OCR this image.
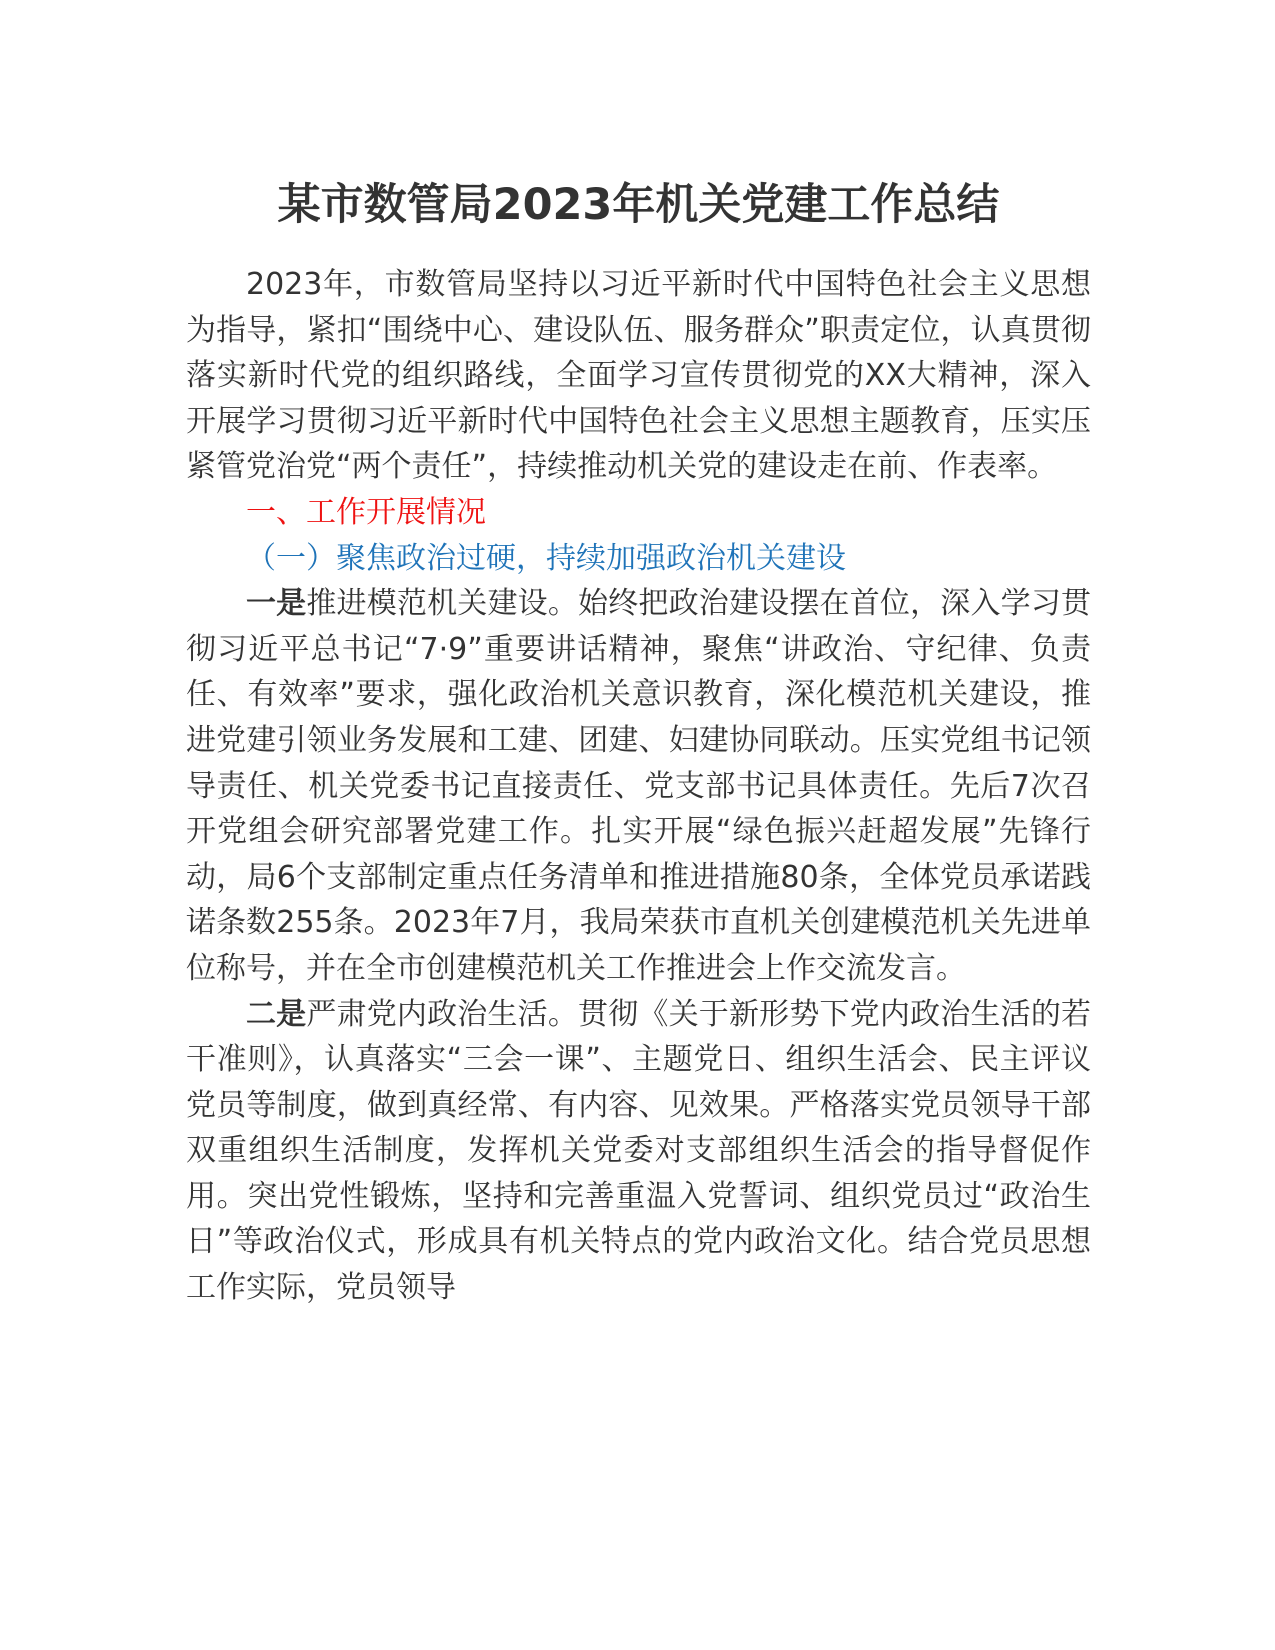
某市数管局2023年机关党建工作总结

2023年，市数管局坚持以习近平新时代中国特色社会主义思想为指导，紧扣“围绕中心、建设队伍、服务群众”职责定位，认真贯彻落实新时代党的组织路线，全面学习宣传贯彻党的XX大精神，深入开展学习贯彻习近平新时代中国特色社会主义思想主题教育，压实压紧管党治党“两个责任”，持续推动机关党的建设走在前、作表率。

一、工作开展情况

（一）聚焦政治过硬，持续加强政治机关建设

一是推进模范机关建设。始终把政治建设摆在首位，深入学习贯彻习近平总书记“7·9”重要讲话精神，聚焦“讲政治、守纪律、负责任、有效率”要求，强化政治机关意识教育，深化模范机关建设，推进党建引领业务发展和工建、团建、妇建协同联动。压实党组书记领导责任、机关党委书记直接责任、党支部书记具体责任。先后7次召开党组会研究部署党建工作。扎实开展“绿色振兴赶超发展”先锋行动，局6个支部制定重点任务清单和推进措施80条，全体党员承诺践诺条数255条。2023年7月，我局荣获市直机关创建模范机关先进单位称号，并在全市创建模范机关工作推进会上作交流发言。

二是严肃党内政治生活。贯彻《关于新形势下党内政治生活的若干准则》，认真落实“三会一课”、主题党日、组织生活会、民主评议党员等制度，做到真经常、有内容、见效果。严格落实党员领导干部双重组织生活制度，发挥机关党委对支部组织生活会的指导督促作用。突出党性锻炼，坚持和完善重温入党誓词、组织党员过“政治生日”等政治仪式，形成具有机关特点的党内政治文化。结合党员思想工作实际，党员领导
